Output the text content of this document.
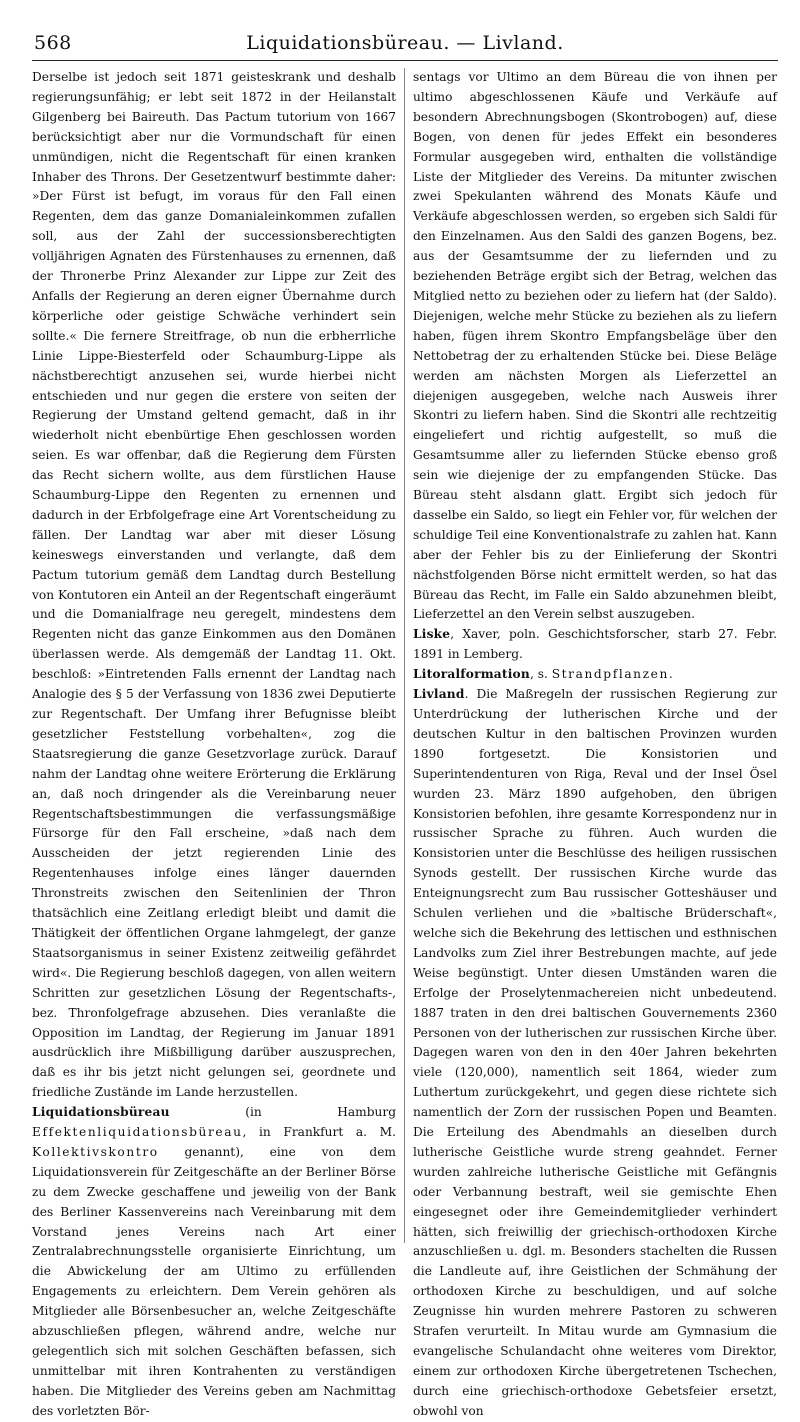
568	Liquidationsbüreau. — Livland.

Derselbe ist jedoch seit 1871 geisteskrank und deshalb regierungsunfähig; er lebt seit 1872 in der Heilanstalt Gilgenberg bei Baireuth. Das Pactum tutorium von 1667 berücksichtigt aber nur die Vormundschaft für einen unmündigen, nicht die Regentschaft für einen kranken Inhaber des Throns. Der Gesetzentwurf bestimmte daher: »Der Fürst ist befugt, im voraus für den Fall einen Regenten, dem das ganze Domanialeinkommen zufallen soll, aus der Zahl der successionsberechtigten volljährigen Agnaten des Fürstenhauses zu ernennen, daß der Thronerbe Prinz Alexander zur Lippe zur Zeit des Anfalls der Regierung an deren eigner Übernahme durch körperliche oder geistige Schwäche verhindert sein sollte.« Die fernere Streitfrage, ob nun die erbherrliche Linie Lippe-Biesterfeld oder Schaumburg-Lippe als nächstberechtigt anzusehen sei, wurde hierbei nicht entschieden und nur gegen die erstere von seiten der Regierung der Umstand geltend gemacht, daß in ihr wiederholt nicht ebenbürtige Ehen geschlossen worden seien. Es war offenbar, daß die Regierung dem Fürsten das Recht sichern wollte, aus dem fürstlichen Hause Schaumburg-Lippe den Regenten zu ernennen und dadurch in der Erbfolgefrage eine Art Vorentscheidung zu fällen. Der Landtag war aber mit dieser Lösung keineswegs einverstanden und verlangte, daß dem Pactum tutorium gemäß dem Landtag durch Bestellung von Kontutoren ein Anteil an der Regentschaft eingeräumt und die Domanialfrage neu geregelt, mindestens dem Regenten nicht das ganze Einkommen aus den Domänen überlassen werde. Als demgemäß der Landtag 11. Okt. beschloß: »Eintretenden Falls ernennt der Landtag nach Analogie des § 5 der Verfassung von 1836 zwei Deputierte zur Regentschaft. Der Umfang ihrer Befugnisse bleibt gesetzlicher Feststellung vorbehalten«, zog die Staatsregierung die ganze Gesetzvorlage zurück. Darauf nahm der Landtag ohne weitere Erörterung die Erklärung an, daß noch dringender als die Vereinbarung neuer Regentschaftsbestimmungen die verfassungsmäßige Fürsorge für den Fall erscheine, »daß nach dem Ausscheiden der jetzt regierenden Linie des Regentenhauses infolge eines länger dauernden Thronstreits zwischen den Seitenlinien der Thron thatsächlich eine Zeitlang erledigt bleibt und damit die Thätigkeit der öffentlichen Organe lahmgelegt, der ganze Staatsorganismus in seiner Existenz zeitweilig gefährdet wird«. Die Regierung beschloß dagegen, von allen weitern Schritten zur gesetzlichen Lösung der Regentschafts-, bez. Thronfolgefrage abzusehen. Dies veranlaßte die Opposition im Landtag, der Regierung im Januar 1891 ausdrücklich ihre Mißbilligung darüber auszusprechen, daß es ihr bis jetzt nicht gelungen sei, geordnete und friedliche Zustände im Lande herzustellen.

Liquidationsbüreau (in Hamburg Effektenliquidationsbüreau, in Frankfurt a. M. Kollektivskontro genannt), eine von dem Liquidationsverein für Zeitgeschäfte an der Berliner Börse zu dem Zwecke geschaffene und jeweilig von der Bank des Berliner Kassenvereins nach Vereinbarung mit dem Vorstand jenes Vereins nach Art einer Zentralabrechnungsstelle organisierte Einrichtung, um die Abwickelung der am Ultimo zu erfüllenden Engagements zu erleichtern. Dem Verein gehören als Mitglieder alle Börsenbesucher an, welche Zeitgeschäfte abzuschließen pflegen, während andre, welche nur gelegentlich sich mit solchen Geschäften befassen, sich unmittelbar mit ihren Kontrahenten zu verständigen haben. Die Mitglieder des Vereins geben am Nachmittag des vorletzten Bör-

sentags vor Ultimo an dem Büreau die von ihnen per ultimo abgeschlossenen Käufe und Verkäufe auf besondern Abrechnungsbogen (Skontrobogen) auf, diese Bogen, von denen für jedes Effekt ein besonderes Formular ausgegeben wird, enthalten die vollständige Liste der Mitglieder des Vereins. Da mitunter zwischen zwei Spekulanten während des Monats Käufe und Verkäufe abgeschlossen werden, so ergeben sich Saldi für den Einzelnamen. Aus den Saldi des ganzen Bogens, bez. aus der Gesamtsumme der zu liefernden und zu beziehenden Beträge ergibt sich der Betrag, welchen das Mitglied netto zu beziehen oder zu liefern hat (der Saldo). Diejenigen, welche mehr Stücke zu beziehen als zu liefern haben, fügen ihrem Skontro Empfangsbeläge über den Nettobetrag der zu erhaltenden Stücke bei. Diese Beläge werden am nächsten Morgen als Lieferzettel an diejenigen ausgegeben, welche nach Ausweis ihrer Skontri zu liefern haben. Sind die Skontri alle rechtzeitig eingeliefert und richtig aufgestellt, so muß die Gesamtsumme aller zu liefernden Stücke ebenso groß sein wie diejenige der zu empfangenden Stücke. Das Büreau steht alsdann glatt. Ergibt sich jedoch für dasselbe ein Saldo, so liegt ein Fehler vor, für welchen der schuldige Teil eine Konventionalstrafe zu zahlen hat. Kann aber der Fehler bis zu der Einlieferung der Skontri nächstfolgenden Börse nicht ermittelt werden, so hat das Büreau das Recht, im Falle ein Saldo abzunehmen bleibt, Lieferzettel an den Verein selbst auszugeben.

Liske, Xaver, poln. Geschichtsforscher, starb 27. Febr. 1891 in Lemberg.

Litoralformation, s. Strandpflanzen.

Livland. Die Maßregeln der russischen Regierung zur Unterdrückung der lutherischen Kirche und der deutschen Kultur in den baltischen Provinzen wurden 1890 fortgesetzt. Die Konsistorien und Superintendenturen von Riga, Reval und der Insel Ösel wurden 23. März 1890 aufgehoben, den übrigen Konsistorien befohlen, ihre gesamte Korrespondenz nur in russischer Sprache zu führen. Auch wurden die Konsistorien unter die Beschlüsse des heiligen russischen Synods gestellt. Der russischen Kirche wurde das Enteignungsrecht zum Bau russischer Gotteshäuser und Schulen verliehen und die »baltische Brüderschaft«, welche sich die Bekehrung des lettischen und esthnischen Landvolks zum Ziel ihrer Bestrebungen machte, auf jede Weise begünstigt. Unter diesen Umständen waren die Erfolge der Proselytenmachereien nicht unbedeutend. 1887 traten in den drei baltischen Gouvernements 2360 Personen von der lutherischen zur russischen Kirche über. Dagegen waren von den in den 40er Jahren bekehrten viele (120,000), namentlich seit 1864, wieder zum Luthertum zurückgekehrt, und gegen diese richtete sich namentlich der Zorn der russischen Popen und Beamten. Die Erteilung des Abendmahls an dieselben durch lutherische Geistliche wurde streng geahndet. Ferner wurden zahlreiche lutherische Geistliche mit Gefängnis oder Verbannung bestraft, weil sie gemischte Ehen eingesegnet oder ihre Gemeindemitglieder verhindert hätten, sich freiwillig der griechisch-orthodoxen Kirche anzuschließen u. dgl. m. Besonders stachelten die Russen die Landleute auf, ihre Geistlichen der Schmähung der orthodoxen Kirche zu beschuldigen, und auf solche Zeugnisse hin wurden mehrere Pastoren zu schweren Strafen verurteilt. In Mitau wurde am Gymnasium die evangelische Schulandacht ohne weiteres vom Direktor, einem zur orthodoxen Kirche übergetretenen Tschechen, durch eine griechisch-orthodoxe Gebetsfeier ersetzt, obwohl von
